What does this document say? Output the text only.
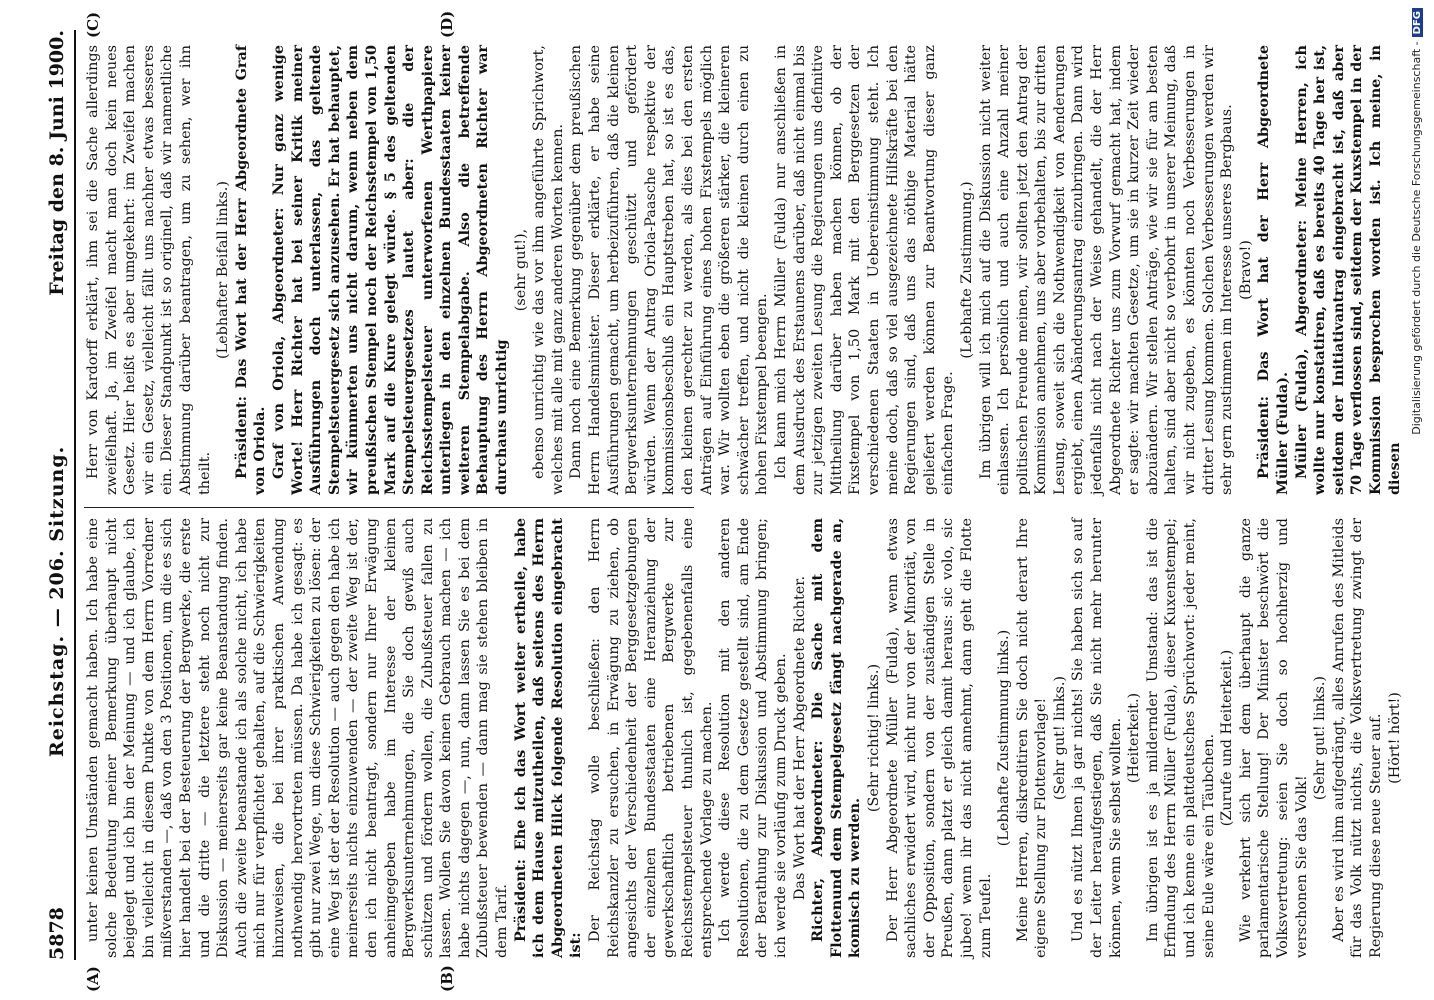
5878
Reichstag. — 206. Sitzung.
Freitag den 8. Juni 1900.
(A)	(B)
(C)	(D)

unter keinen Umständen gemacht haben. Ich habe eine solche Bedeutung meiner Bemerkung überhaupt nicht beigelegt und ich bin der Meinung — und ich glaube, ich bin vielleicht in diesem Punkte von dem Herrn Vorredner mißverstanden —, daß von den 3 Positionen, um die es sich hier handelt bei der Besteuerung der Bergwerke, die erste und die dritte — die letztere steht noch nicht zur Diskussion — meinerseits gar keine Beanstandung finden. Auch die zweite beanstande ich als solche nicht, ich habe mich nur für verpflichtet gehalten, auf die Schwierigkeiten hinzuweisen, die bei ihrer praktischen Anwendung nothwendig hervortreten müssen. Da habe ich gesagt: es gibt nur zwei Wege, um diese Schwierigkeiten zu lösen: der eine Weg ist der der Resolution — auch gegen den habe ich meinerseits nichts einzuwenden — der zweite Weg ist der, den ich nicht beantragt, sondern nur Ihrer Erwägung anheimgegeben habe im Interesse der kleinen Bergwerksunternehmungen, die Sie doch gewiß auch schützen und fördern wollen, die Zubußsteuer fallen zu lassen. Wollen Sie davon keinen Gebrauch machen — ich habe nichts dagegen —, nun, dann lassen Sie es bei dem Zubußsteuer bewenden — dann mag sie stehen bleiben in dem Tarif. Präsident: Ehe ich das Wort weiter ertheile, habe ich dem Hause mitzutheilen, daß seitens des Herrn Abgeordneten Hilck folgende Resolution eingebracht ist:

Der Reichstag wolle beschließen: den Herrn Reichskanzler zu ersuchen, in Erwägung zu ziehen, ob angesichts der Verschiedenheit der Berggesetzgebungen der einzelnen Bundesstaaten eine Heranziehung der gewerkschaftlich betriebenen Bergwerke zur Reichsstempelsteuer thunlich ist, gegebenenfalls eine entsprechende Vorlage zu machen. Ich werde diese Resolution mit den anderen Resolutionen, die zu dem Gesetze gestellt sind, am Ende der Berathung zur Diskussion und Abstimmung bringen; ich werde sie vorläufig zum Druck geben. Das Wort hat der Herr Abgeordnete Richter. Richter, Abgeordneter: Die Sache mit dem Flottenund dem Stempelgesetz fängt nachgerade an, komisch zu werden.

(Sehr richtig! links.) Der Herr Abgeordnete Müller (Fulda), wenn etwas sachliches erwidert wird, nicht nur von der Minorität, von der Opposition, sondern von der zuständigen Stelle in Preußen, dann platzt er gleich damit heraus: sic volo, sic jubeo! wenn ihr das nicht annehmt, dann geht die Flotte zum Teufel.

(Lebhafte Zustimmung links.) Meine Herren, diskreditiren Sie doch nicht derart Ihre eigene Stellung zur Flottenvorlage! (Sehr gut! links.) Und es nützt Ihnen ja gar nichts! Sie haben sich so auf der Leiter heraufgestiegen, daß Sie nicht mehr herunter können, wenn Sie selbst wollten. (Heiterkeit.) Im übrigen ist es ja mildernder Umstand: das ist die Erfindung des Herrn Müller (Fulda), dieser Kuxenstempel; und ich kenne ein plattdeutsches Sprüchwort: jeder meint, seine Eule wäre ein Täubchen. (Zurufe und Heiterkeit.) Wie verkehrt sich hier dem überhaupt die ganze parlamentarische Stellung! Der Minister beschwört die Volksvertretung: seien Sie doch so hochherzig und verschonen Sie das Volk!

(Sehr gut! links.) Aber es wird ihm aufgedrängt, alles Anrufen des Mitleids für das Volk nützt nichts, die Volksvertretung zwingt der Regierung diese neue Steuer auf. (Hört! hört!)

Herr von Kardorff erklärt, ihm sei die Sache allerdings zweifelhaft. Ja, im Zweifel macht man doch kein neues Gesetz. Hier heißt es aber umgekehrt: im Zweifel machen wir ein Gesetz, vielleicht fällt uns nachher etwas besseres ein. Dieser Standpunkt ist so originell, daß wir namentliche Abstimmung darüber beantragen, um zu sehen, wer ihn theilt.

(Lebhafter Beifall links.) Präsident: Das Wort hat der Herr Abgeordnete Graf von Oriola. Graf von Oriola, Abgeordneter: Nur ganz wenige Worte! Herr Richter hat bei seiner Kritik meiner Ausführungen doch unterlassen, das geltende Stempelsteuergesetz sich anzusehen. Er hat behauptet, wir kümmerten uns nicht darum, wenn neben dem preußischen Stempel noch der Reichsstempel von 1,50 Mark auf die Kure gelegt würde. § 5 des geltenden Stempelsteuergesetzes lautet aber: die der Reichsstempelsteuer unterworfenen Werthpapiere unterliegen in den einzelnen Bundesstaaten keiner weiteren Stempelabgabe. Also die betreffende Behauptung des Herrn Abgeordneten Richter war durchaus unrichtig

(sehr gut!), ebenso unrichtig wie das vor ihm angeführte Sprichwort, welches mit alle mit ganz anderen Worten kennen. Dann noch eine Bemerkung gegenüber dem preußischen Herrn Handelsminister. Dieser erklärte, er habe seine Ausführungen gemacht, um herbeizuführen, daß die kleinen Bergwerksunternehmungen geschützt und gefördert würden. Wenn der Antrag Oriola-Paasche respektive der kommissionsbeschluß ein Hauptstreben hat, so ist es das, den kleinen gerechter zu werden, als dies bei den ersten Anträgen auf Einführung eines hohen Fixstempels möglich war. Wir wollten eben die größeren stärker, die kleineren schwächer treffen, und nicht die kleinen durch einen zu hohen Fixstempel beengen. Ich kann mich Herrn Müller (Fulda) nur anschließen in dem Ausdruck des Erstaunens darüber, daß nicht einmal bis zur jetzigen zweiten Lesung die Regierungen uns definitive Mittheilung darüber haben machen können, ob der Fixstempel von 1,50 Mark mit den Berggesetzen der verschiedenen Staaten in Uebereinstimmung steht. Ich meine doch, daß so viel ausgezeichnete Hilfskräfte bei den Regierungen sind, daß uns das nöthige Material hätte geliefert werden können zur Beantwortung dieser ganz einfachen Frage.

(Lebhafte Zustimmung.) Im übrigen will ich mich auf die Diskussion nicht weiter einlassen. Ich persönlich und auch eine Anzahl meiner politischen Freunde meinen, wir sollten jetzt den Antrag der Kommission annehmen, uns aber vorbehalten, bis zur dritten Lesung, soweit sich die Nothwendigkeit von Aenderungen ergiebt, einen Abänderungsantrag einzubringen. Dann wird jedenfalls nicht nach der Weise gehandelt, die der Herr Abgeordnete Richter uns zum Vorwurf gemacht hat, indem er sagte: wir machten Gesetze, um sie in kurzer Zeit wieder abzuändern. Wir stellen Anträge, wie wir sie für am besten halten, sind aber nicht so verbohrt in unserer Meinung, daß wir nicht zugeben, es könnten noch Verbesserungen in dritter Lesung kommen. Solchen Verbesserungen werden wir sehr gern zustimmen im Interesse unseres Bergbaus. (Bravo!) Präsident: Das Wort hat der Herr Abgeordnete Müller (Fulda). Müller (Fulda), Abgeordneter: Meine Herren, ich wollte nur konstatiren, daß es bereits 40 Tage her ist, seitdem der Initiativantrag eingebracht ist, daß aber 70 Tage verflossen sind, seitdem der Kuxstempel in der Kommission besprochen worden ist. Ich meine, in diesen

Digitalisierung gefördert durch die Deutsche Forschungsgemeinschaft -DFG
